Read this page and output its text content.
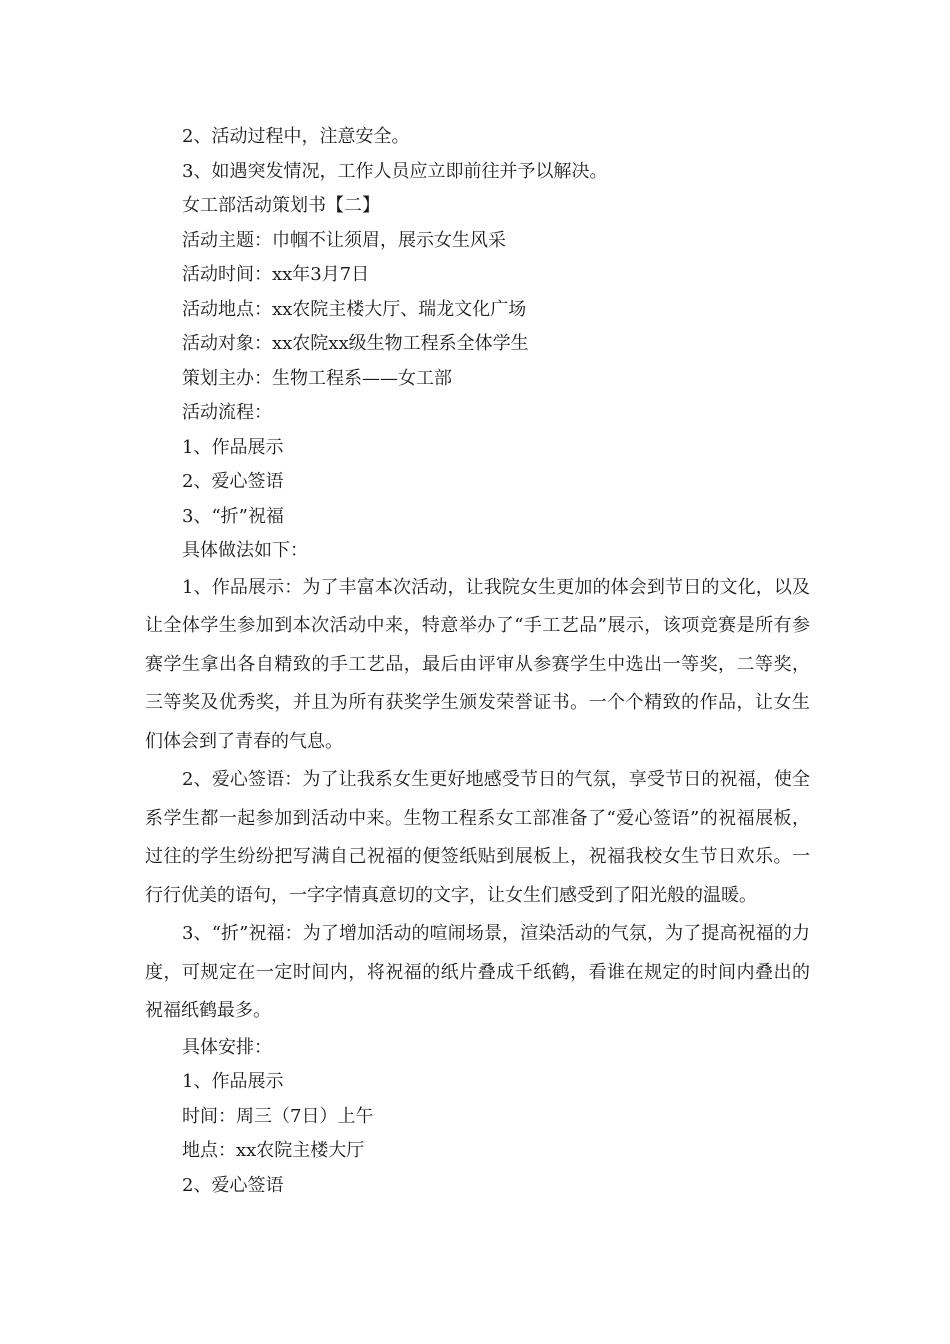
2、活动过程中，注意安全。
3、如遇突发情况，工作人员应立即前往并予以解决。
女工部活动策划书【二】
活动主题：巾帼不让须眉，展示女生风采
活动时间：xx年3月7日
活动地点：xx农院主楼大厅、瑞龙文化广场
活动对象：xx农院xx级生物工程系全体学生
策划主办：生物工程系——女工部
活动流程：
1、作品展示
2、爱心签语
3、“折”祝福
具体做法如下：

1、作品展示：为了丰富本次活动，让我院女生更加的体会到节日的文化，以及让全体学生参加到本次活动中来，特意举办了“手工艺品”展示，该项竞赛是所有参赛学生拿出各自精致的手工艺品，最后由评审从参赛学生中选出一等奖，二等奖，三等奖及优秀奖，并且为所有获奖学生颁发荣誉证书。一个个精致的作品，让女生们体会到了青春的气息。

2、爱心签语：为了让我系女生更好地感受节日的气氛，享受节日的祝福，使全系学生都一起参加到活动中来。生物工程系女工部准备了“爱心签语”的祝福展板，过往的学生纷纷把写满自己祝福的便签纸贴到展板上，祝福我校女生节日欢乐。一行行优美的语句，一字字情真意切的文字，让女生们感受到了阳光般的温暖。

3、“折”祝福：为了增加活动的喧闹场景，渲染活动的气氛，为了提高祝福的力度，可规定在一定时间内，将祝福的纸片叠成千纸鹤，看谁在规定的时间内叠出的祝福纸鹤最多。

具体安排：
1、作品展示
时间：周三（7日）上午
地点：xx农院主楼大厅
2、爱心签语
